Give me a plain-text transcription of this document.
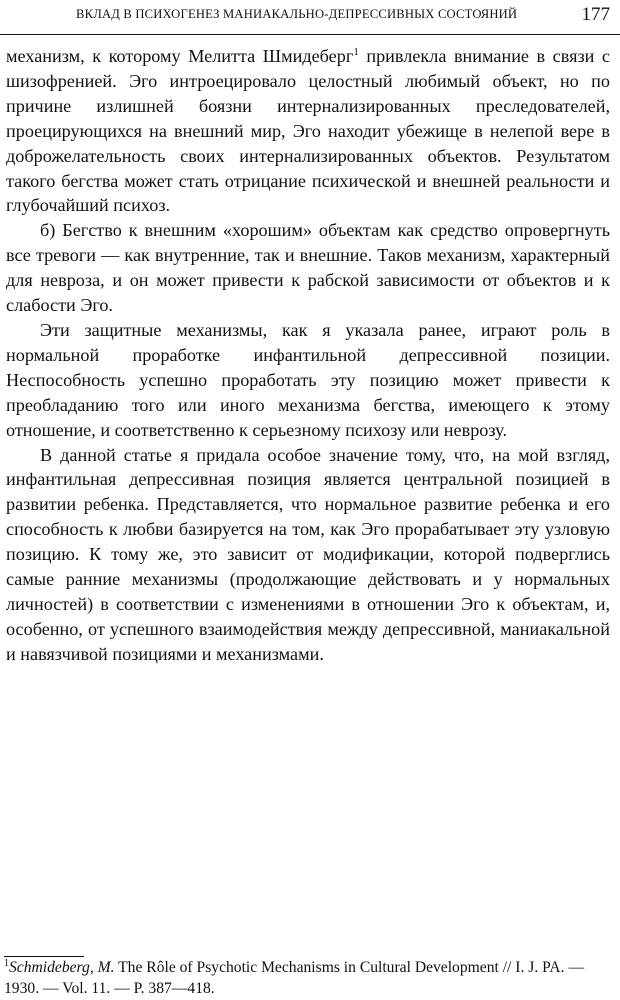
ВКЛАД В ПСИХОГЕНЕЗ МАНИАКАЛЬНО-ДЕПРЕССИВНЫХ СОСТОЯНИЙ	177

механизм, к которому Мелитта Шмидеберг$^1$ привлекла внимание в связи с шизофренией. Эго интроецировало целостный любимый объект, но по причине излишней боязни интернализированных преследователей, проецирующихся на внешний мир, Эго находит убежище в нелепой вере в доброжелательность своих интернализированных объектов. Результатом такого бегства может стать отрицание психической и внешней реальности и глубочайший психоз.

б) Бегство к внешним «хорошим» объектам как средство опровергнуть все тревоги — как внутренние, так и внешние. Таков механизм, характерный для невроза, и он может привести к рабской зависимости от объектов и к слабости Эго.

Эти защитные механизмы, как я указала ранее, играют роль в нормальной проработке инфантильной депрессивной позиции. Неспособность успешно проработать эту позицию может привести к преобладанию того или иного механизма бегства, имеющего к этому отношение, и соответственно к серьезному психозу или неврозу.

В данной статье я придала особое значение тому, что, на мой взгляд, инфантильная депрессивная позиция является центральной позицией в развитии ребенка. Представляется, что нормальное развитие ребенка и его способность к любви базируется на том, как Эго прорабатывает эту узловую позицию. К тому же, это зависит от модификации, которой подверглись самые ранние механизмы (продолжающие действовать и у нормальных личностей) в соответствии с изменениями в отношении Эго к объектам, и, особенно, от успешного взаимодействия между депрессивной, маниакальной и навязчивой позициями и механизмами.

$^1$Schmideberg, M. The Rôle of Psychotic Mechanisms in Cultural Development // I. J. PA. — 1930. — Vol. 11. — P. 387—418.
